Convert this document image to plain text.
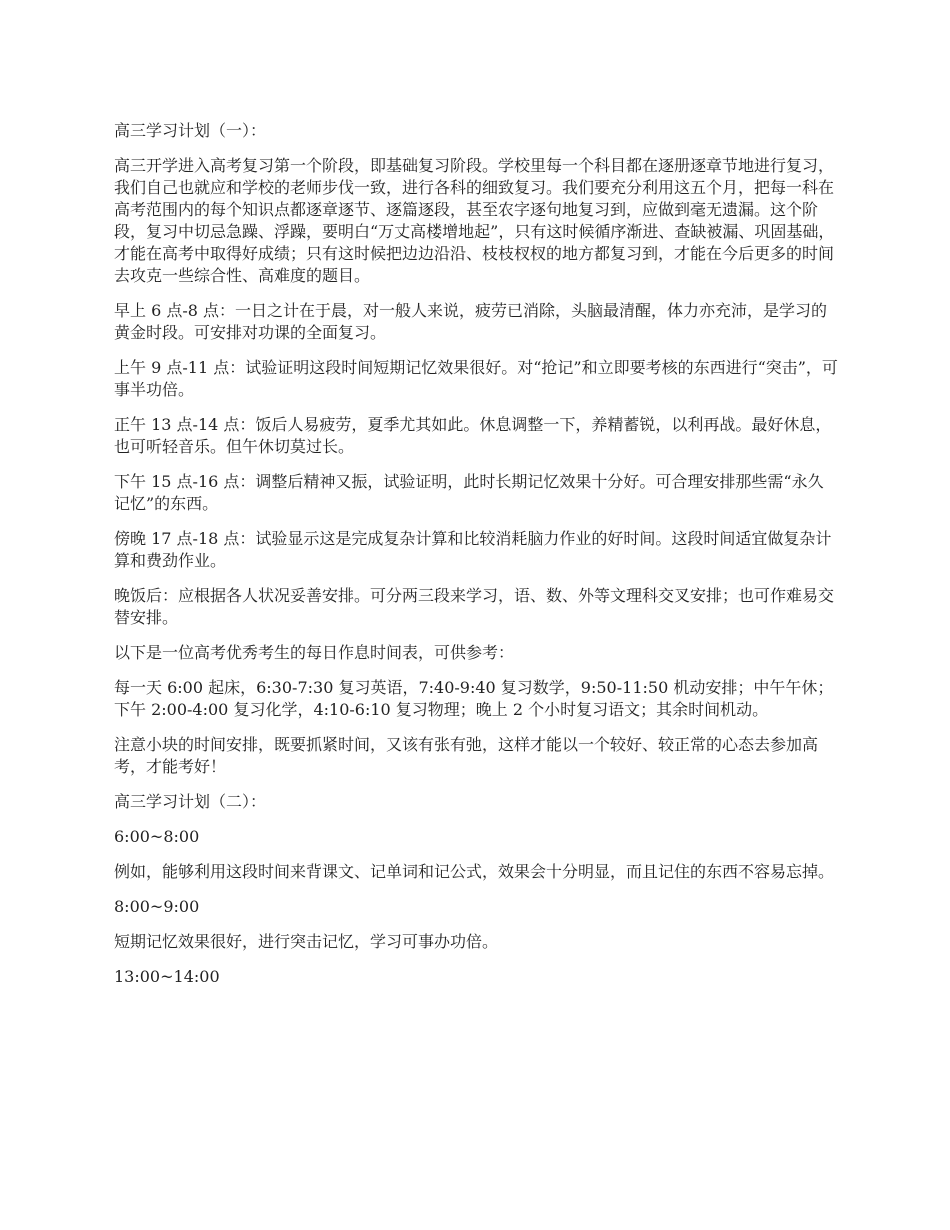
高三学习计划（一）：

高三开学进入高考复习第一个阶段，即基础复习阶段。学校里每一个科目都在逐册逐章节地进行复习，我们自己也就应和学校的老师步伐一致，进行各科的细致复习。我们要充分利用这五个月，把每一科在高考范围内的每个知识点都逐章逐节、逐篇逐段，甚至农字逐句地复习到，应做到毫无遗漏。这个阶段，复习中切忌急躁、浮躁，要明白“万丈高楼增地起”，只有这时候循序渐进、查缺被漏、巩固基础，才能在高考中取得好成绩；只有这时候把边边沿沿、枝枝杈杈的地方都复习到，才能在今后更多的时间去攻克一些综合性、高难度的题目。

早上 6 点-8 点：一日之计在于晨，对一般人来说，疲劳已消除，头脑最清醒，体力亦充沛，是学习的黄金时段。可安排对功课的全面复习。

上午 9 点-11 点：试验证明这段时间短期记忆效果很好。对“抢记”和立即要考核的东西进行“突击”，可事半功倍。

正午 13 点-14 点：饭后人易疲劳，夏季尤其如此。休息调整一下，养精蓄锐，以利再战。最好休息，也可听轻音乐。但午休切莫过长。

下午 15 点-16 点：调整后精神又振，试验证明，此时长期记忆效果十分好。可合理安排那些需“永久记忆”的东西。

傍晚 17 点-18 点：试验显示这是完成复杂计算和比较消耗脑力作业的好时间。这段时间适宜做复杂计算和费劲作业。

晚饭后：应根据各人状况妥善安排。可分两三段来学习，语、数、外等文理科交叉安排；也可作难易交替安排。

以下是一位高考优秀考生的每日作息时间表，可供参考：

每一天 6:00 起床，6:30-7:30 复习英语，7:40-9:40 复习数学，9:50-11:50 机动安排；中午午休；下午 2:00-4:00 复习化学，4:10-6:10 复习物理；晚上 2 个小时复习语文；其余时间机动。

注意小块的时间安排，既要抓紧时间，又该有张有弛，这样才能以一个较好、较正常的心态去参加高考，才能考好！

高三学习计划（二）：

6:00~8:00

例如，能够利用这段时间来背课文、记单词和记公式，效果会十分明显，而且记住的东西不容易忘掉。

8:00~9:00

短期记忆效果很好，进行突击记忆，学习可事办功倍。

13:00~14:00
